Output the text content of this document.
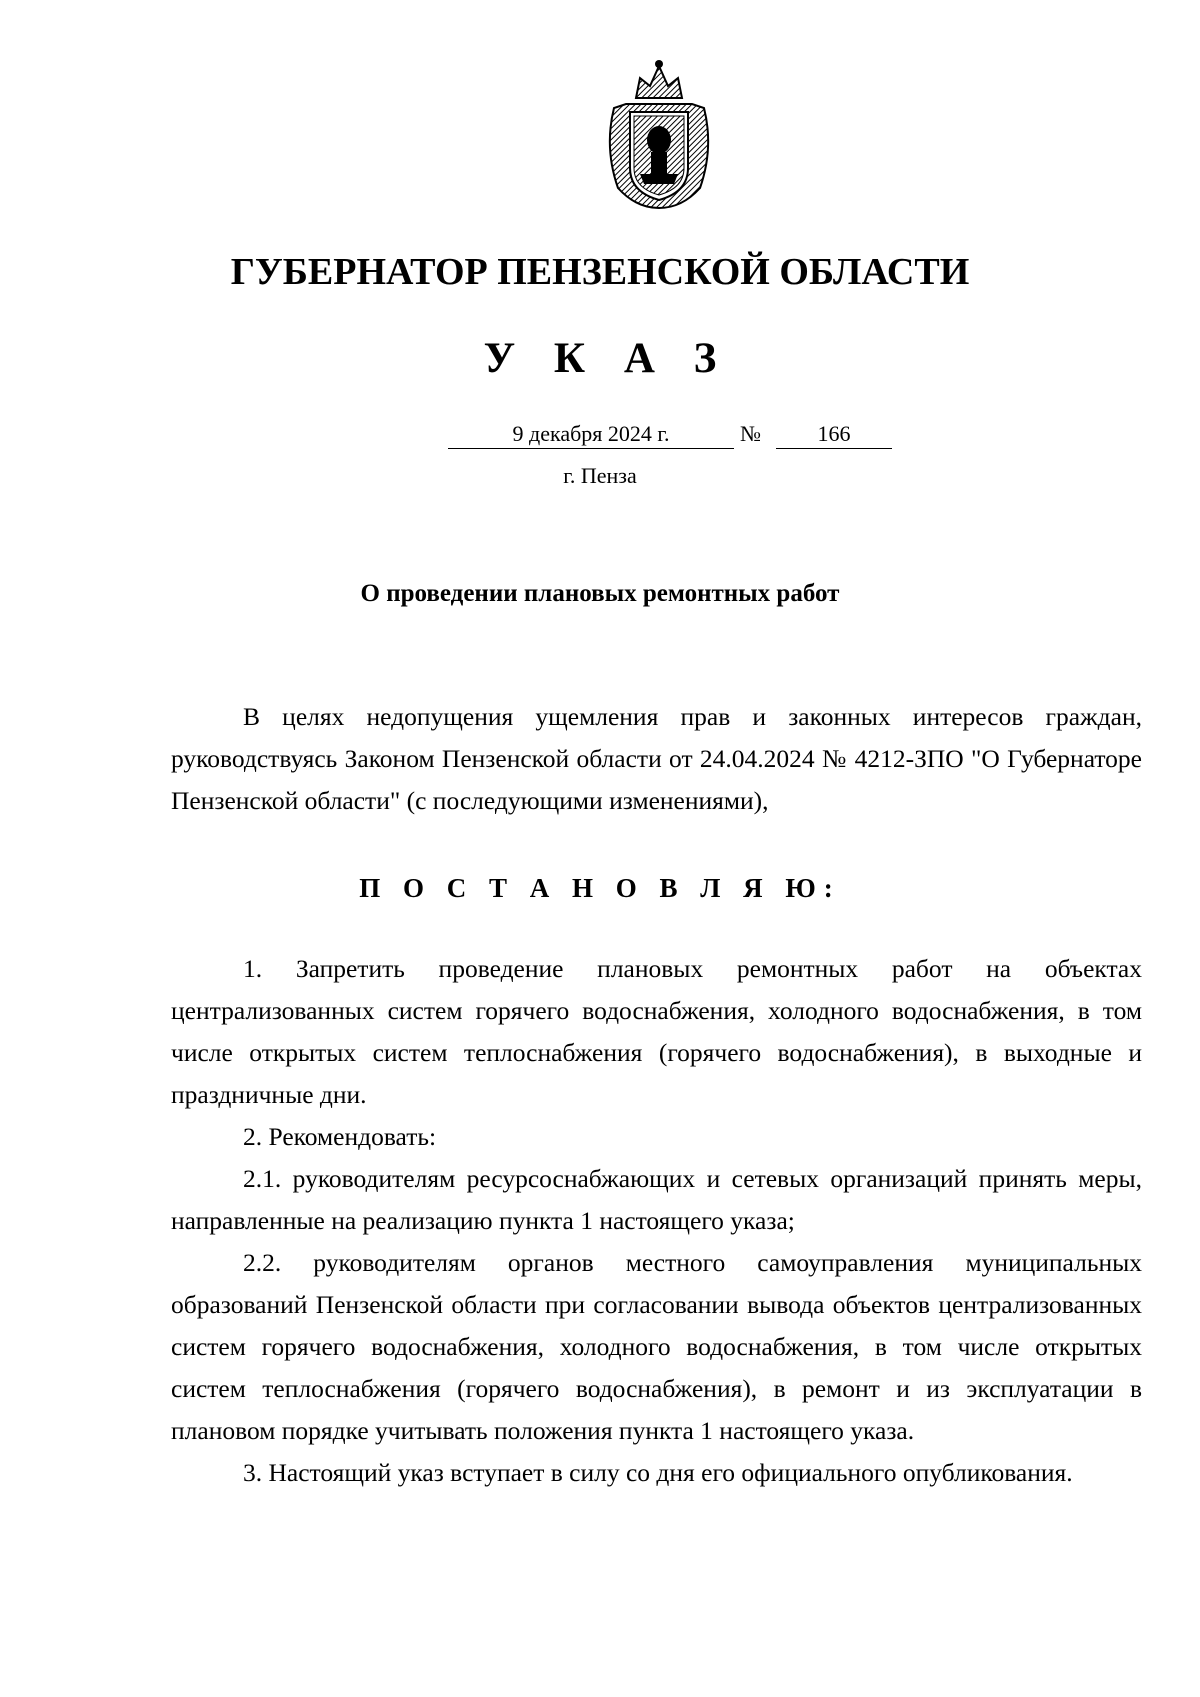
ГУБЕРНАТОР ПЕНЗЕНСКОЙ ОБЛАСТИ
У К А З
9 декабря 2024 г.	№	166
г. Пенза
О проведении плановых ремонтных работ

В целях недопущения ущемления прав и законных интересов граждан, руководствуясь Законом Пензенской области от 24.04.2024 № 4212-ЗПО "О Губернаторе Пензенской области" (с последующими изменениями),

П О С Т А Н О В Л Я Ю:

1. Запретить проведение плановых ремонтных работ на объектах централизованных систем горячего водоснабжения, холодного водоснабжения, в том числе открытых систем теплоснабжения (горячего водоснабжения), в выходные и праздничные дни.

2. Рекомендовать:

2.1. руководителям ресурсоснабжающих и сетевых организаций принять меры, направленные на реализацию пункта 1 настоящего указа;

2.2. руководителям органов местного самоуправления муниципальных образований Пензенской области при согласовании вывода объектов централизованных систем горячего водоснабжения, холодного водоснабжения, в том числе открытых систем теплоснабжения (горячего водоснабжения), в ремонт и из эксплуатации в плановом порядке учитывать положения пункта 1 настоящего указа.

3. Настоящий указ вступает в силу со дня его официального опубликования.
